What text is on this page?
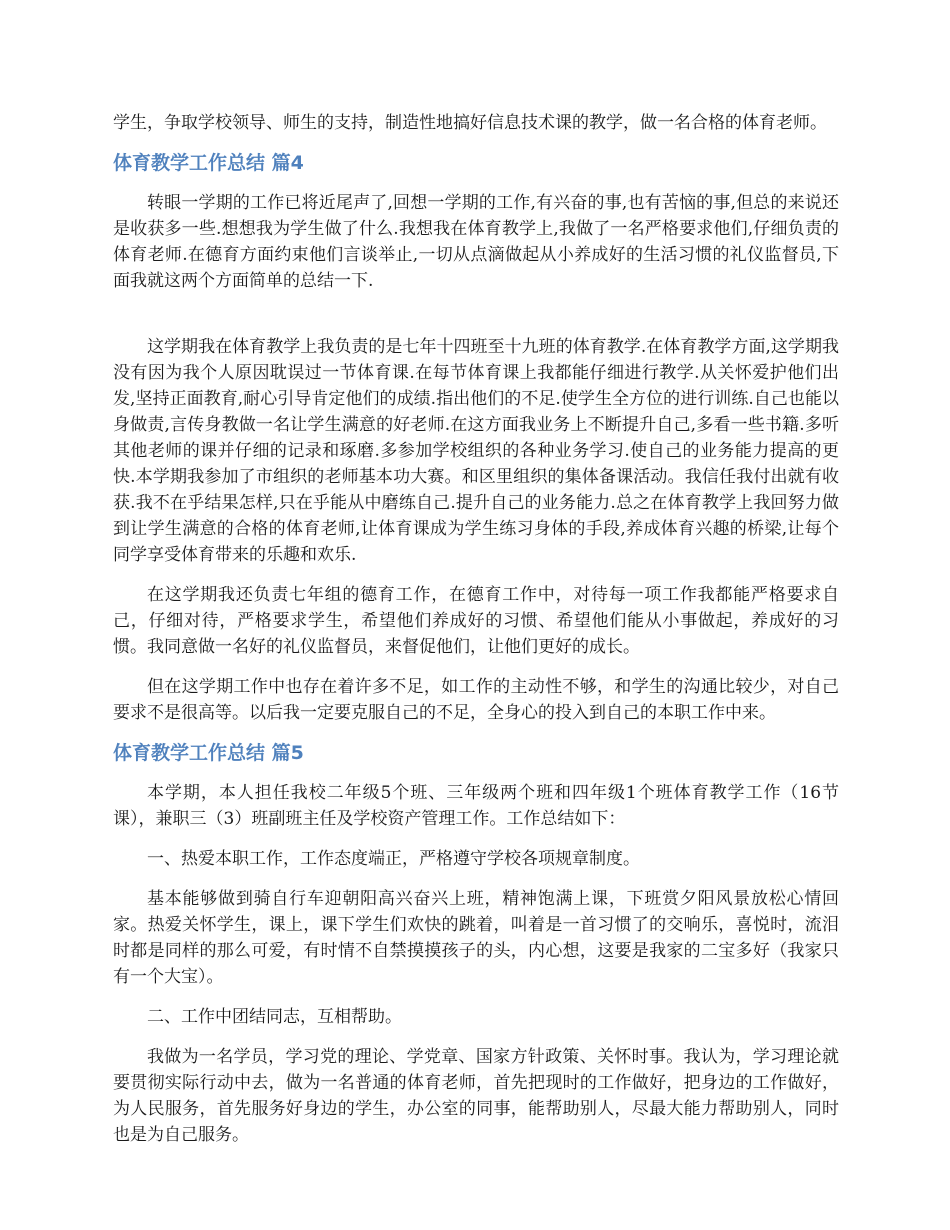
学生，争取学校领导、师生的支持，制造性地搞好信息技术课的教学，做一名合格的体育老师。

体育教学工作总结 篇4

转眼一学期的工作已将近尾声了,回想一学期的工作,有兴奋的事,也有苦恼的事,但总的来说还是收获多一些.想想我为学生做了什么.我想我在体育教学上,我做了一名严格要求他们,仔细负责的体育老师.在德育方面约束他们言谈举止,一切从点滴做起从小养成好的生活习惯的礼仪监督员,下面我就这两个方面简单的总结一下.

这学期我在体育教学上我负责的是七年十四班至十九班的体育教学.在体育教学方面,这学期我没有因为我个人原因耽误过一节体育课.在每节体育课上我都能仔细进行教学.从关怀爱护他们出发,坚持正面教育,耐心引导肯定他们的成绩.指出他们的不足.使学生全方位的进行训练.自己也能以身做责,言传身教做一名让学生满意的好老师.在这方面我业务上不断提升自己,多看一些书籍.多听其他老师的课并仔细的记录和琢磨.多参加学校组织的各种业务学习.使自己的业务能力提高的更快.本学期我参加了市组织的老师基本功大赛。和区里组织的集体备课活动。我信任我付出就有收获.我不在乎结果怎样,只在乎能从中磨练自己.提升自己的业务能力.总之在体育教学上我回努力做到让学生满意的合格的体育老师,让体育课成为学生练习身体的手段,养成体育兴趣的桥梁,让每个同学享受体育带来的乐趣和欢乐.

在这学期我还负责七年组的德育工作，在德育工作中，对待每一项工作我都能严格要求自己，仔细对待，严格要求学生，希望他们养成好的习惯、希望他们能从小事做起，养成好的习惯。我同意做一名好的礼仪监督员，来督促他们，让他们更好的成长。

但在这学期工作中也存在着许多不足，如工作的主动性不够，和学生的沟通比较少，对自己要求不是很高等。以后我一定要克服自己的不足，全身心的投入到自己的本职工作中来。

体育教学工作总结 篇5

本学期，本人担任我校二年级5个班、三年级两个班和四年级1个班体育教学工作（16节课），兼职三（3）班副班主任及学校资产管理工作。工作总结如下：

一、热爱本职工作，工作态度端正，严格遵守学校各项规章制度。

基本能够做到骑自行车迎朝阳高兴奋兴上班，精神饱满上课，下班赏夕阳风景放松心情回家。热爱关怀学生，课上，课下学生们欢快的跳着，叫着是一首习惯了的交响乐，喜悦时，流泪时都是同样的那么可爱，有时情不自禁摸摸孩子的头，内心想，这要是我家的二宝多好（我家只有一个大宝）。

二、工作中团结同志，互相帮助。

我做为一名学员，学习党的理论、学党章、国家方针政策、关怀时事。我认为，学习理论就要贯彻实际行动中去，做为一名普通的体育老师，首先把现时的工作做好，把身边的工作做好，为人民服务，首先服务好身边的学生，办公室的同事，能帮助别人，尽最大能力帮助别人，同时也是为自己服务。
